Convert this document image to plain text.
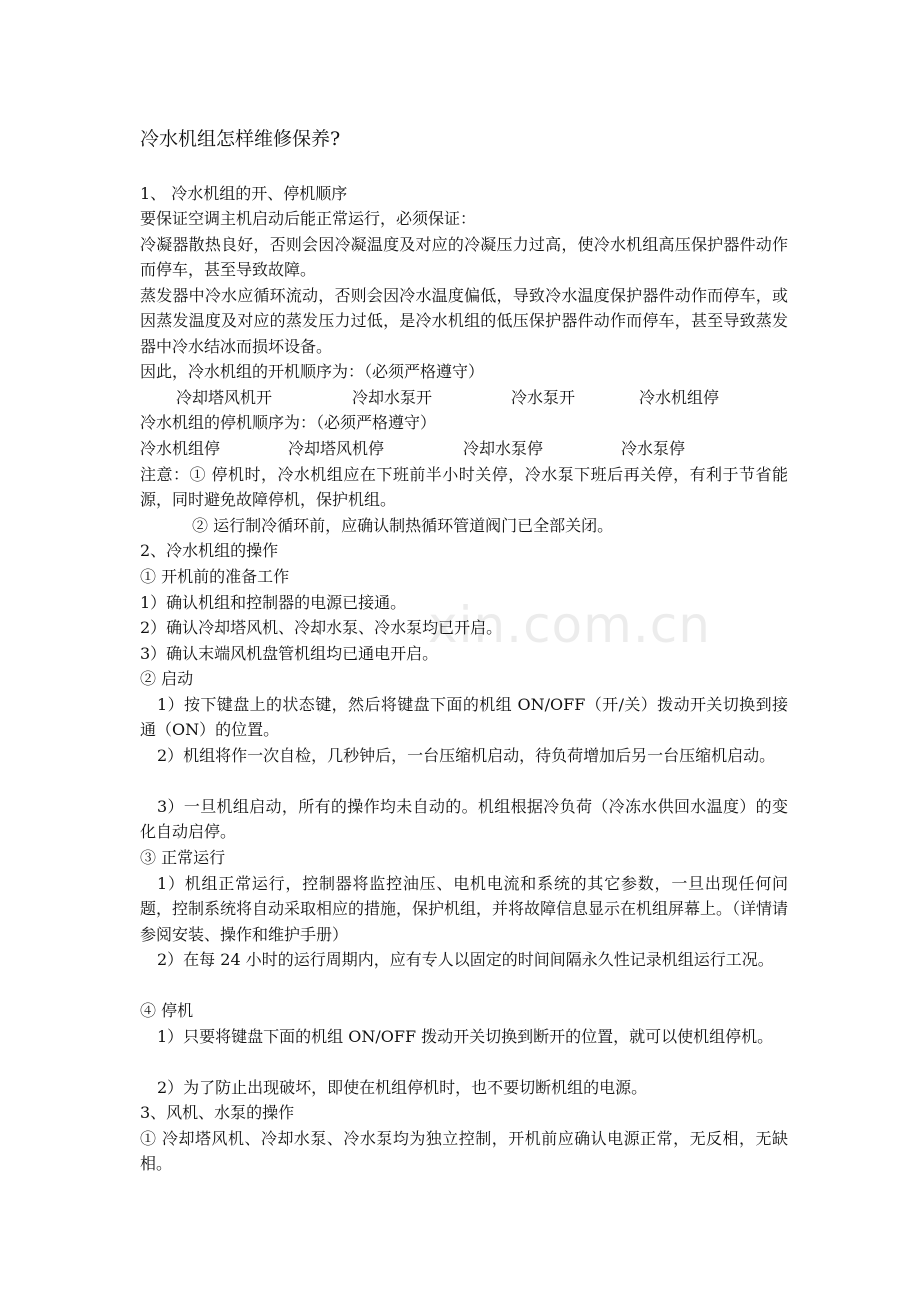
冷水机组怎样维修保养?
1、 冷水机组的开、停机顺序
要保证空调主机启动后能正常运行，必须保证：
冷凝器散热良好，否则会因冷凝温度及对应的冷凝压力过高，使冷水机组高压保护器件动作而停车，甚至导致故障。
蒸发器中冷水应循环流动，否则会因冷水温度偏低，导致冷水温度保护器件动作而停车，或因蒸发温度及对应的蒸发压力过低，是冷水机组的低压保护器件动作而停车，甚至导致蒸发器中冷水结冰而损坏设备。
因此，冷水机组的开机顺序为：（必须严格遵守）
冷却塔风机开	冷却水泵开	冷水泵开	冷水机组停
冷水机组的停机顺序为：（必须严格遵守）
冷水机组停	冷却塔风机停	冷却水泵停	冷水泵停
注意：① 停机时，冷水机组应在下班前半小时关停，冷水泵下班后再关停，有利于节省能源，同时避免故障停机，保护机组。
② 运行制冷循环前，应确认制热循环管道阀门已全部关闭。
2、冷水机组的操作
① 开机前的准备工作
1）确认机组和控制器的电源已接通。
2）确认冷却塔风机、冷却水泵、冷水泵均已开启。
3）确认末端风机盘管机组均已通电开启。
② 启动
1）按下键盘上的状态键，然后将键盘下面的机组 ON/OFF（开/关）拨动开关切换到接通（ON）的位置。
2）机组将作一次自检，几秒钟后，一台压缩机启动，待负荷增加后另一台压缩机启动。
3）一旦机组启动，所有的操作均未自动的。机组根据冷负荷（冷冻水供回水温度）的变化自动启停。
③ 正常运行
1）机组正常运行，控制器将监控油压、电机电流和系统的其它参数，一旦出现任何问题，控制系统将自动采取相应的措施，保护机组，并将故障信息显示在机组屏幕上。（详情请参阅安装、操作和维护手册）
2）在每 24 小时的运行周期内，应有专人以固定的时间间隔永久性记录机组运行工况。
④ 停机
1）只要将键盘下面的机组 ON/OFF 拨动开关切换到断开的位置，就可以使机组停机。
2）为了防止出现破坏，即使在机组停机时，也不要切断机组的电源。
3、风机、水泵的操作
① 冷却塔风机、冷却水泵、冷水泵均为独立控制，开机前应确认电源正常，无反相，无缺相。
xin.com.cn
